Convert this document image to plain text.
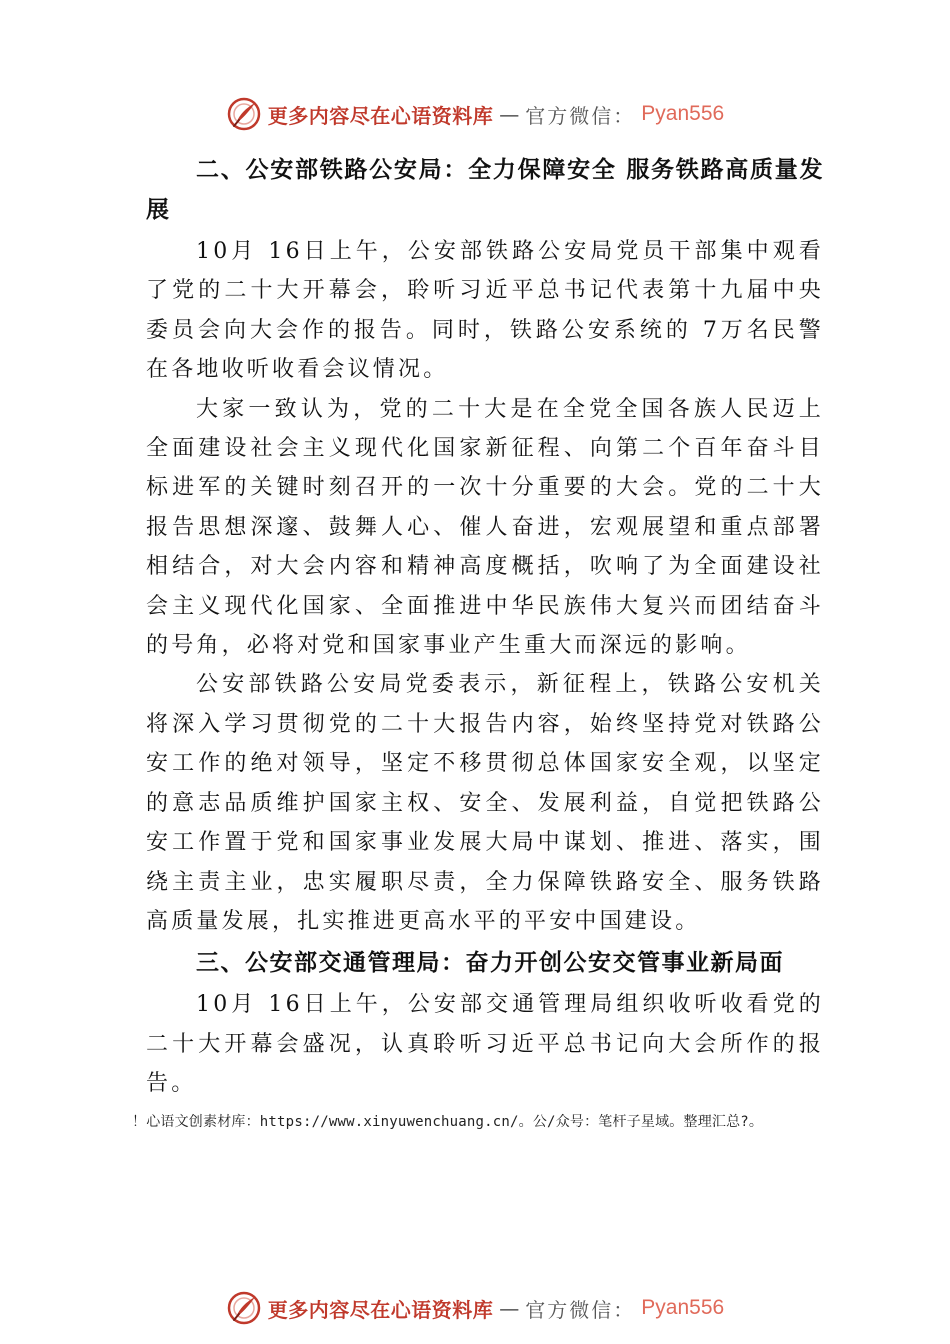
更多内容尽在心语资料库 — 官方微信： Pyan556

二、公安部铁路公安局：全力保障安全 服务铁路高质量发展

10月 16日上午，公安部铁路公安局党员干部集中观看了党的二十大开幕会，聆听习近平总书记代表第十九届中央委员会向大会作的报告。同时，铁路公安系统的 7万名民警在各地收听收看会议情况。

大家一致认为，党的二十大是在全党全国各族人民迈上全面建设社会主义现代化国家新征程、向第二个百年奋斗目标进军的关键时刻召开的一次十分重要的大会。党的二十大报告思想深邃、鼓舞人心、催人奋进，宏观展望和重点部署相结合，对大会内容和精神高度概括，吹响了为全面建设社会主义现代化国家、全面推进中华民族伟大复兴而团结奋斗的号角，必将对党和国家事业产生重大而深远的影响。

公安部铁路公安局党委表示，新征程上，铁路公安机关将深入学习贯彻党的二十大报告内容，始终坚持党对铁路公安工作的绝对领导，坚定不移贯彻总体国家安全观，以坚定的意志品质维护国家主权、安全、发展利益，自觉把铁路公安工作置于党和国家事业发展大局中谋划、推进、落实，围绕主责主业，忠实履职尽责，全力保障铁路安全、服务铁路高质量发展，扎实推进更高水平的平安中国建设。

三、公安部交通管理局：奋力开创公安交管事业新局面

10月 16日上午，公安部交通管理局组织收听收看党的二十大开幕会盛况，认真聆听习近平总书记向大会所作的报告。

！心语文创素材库：https://www.xinyuwenchuang.cn/。公/众号：笔杆子星域。整理汇总?。
更多内容尽在心语资料库 — 官方微信： Pyan556
